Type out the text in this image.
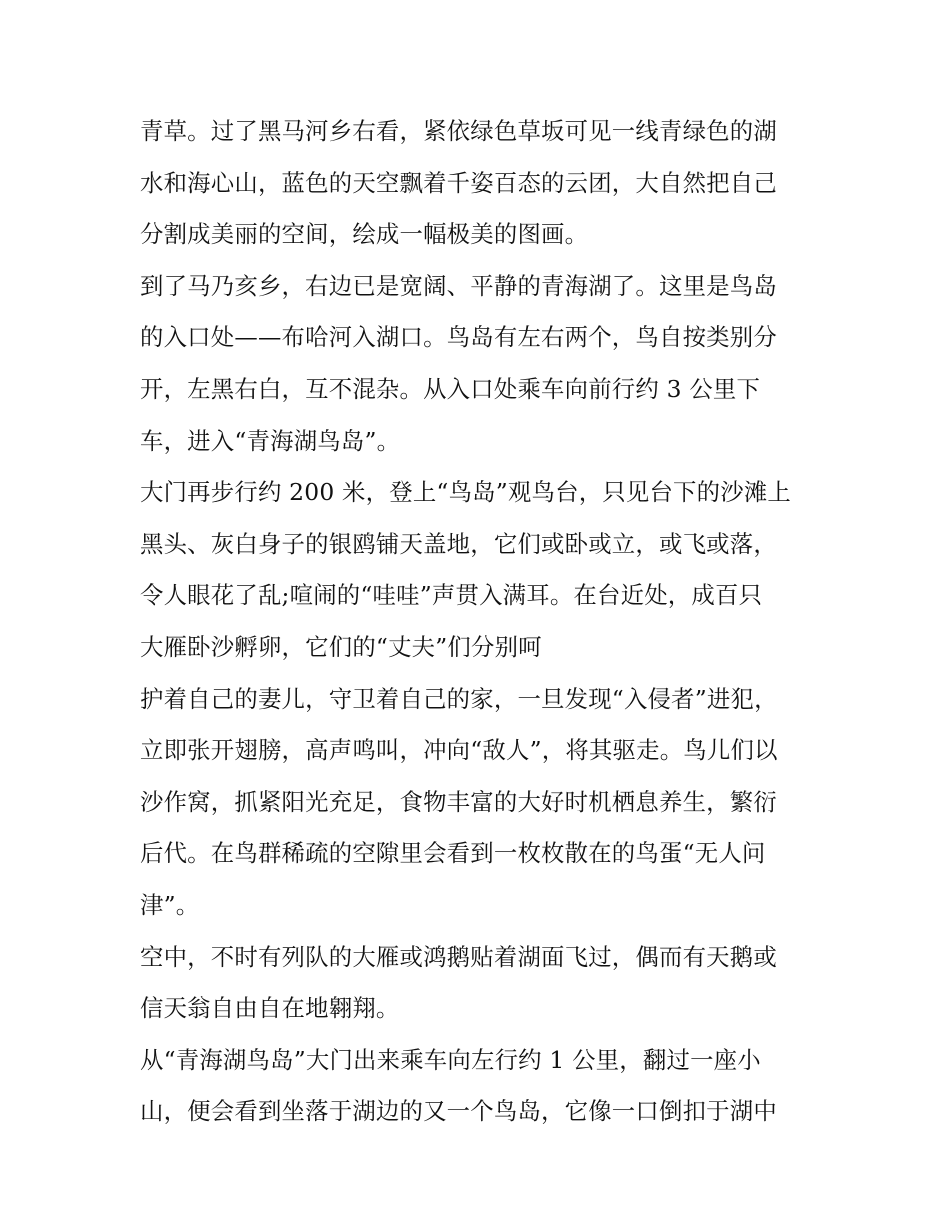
青草。过了黑马河乡右看，紧依绿色草坂可见一线青绿色的湖
水和海心山，蓝色的天空飘着千姿百态的云团，大自然把自己
分割成美丽的空间，绘成一幅极美的图画。
到了马乃亥乡，右边已是宽阔、平静的青海湖了。这里是鸟岛
的入口处——布哈河入湖口。鸟岛有左右两个，鸟自按类别分
开，左黑右白，互不混杂。从入口处乘车向前行约 3 公里下
车，进入“青海湖鸟岛”。
大门再步行约 200 米，登上“鸟岛”观鸟台，只见台下的沙滩上
黑头、灰白身子的银鸥铺天盖地，它们或卧或立，或飞或落，
令人眼花了乱;喧闹的“哇哇”声贯入满耳。在台近处，成百只
大雁卧沙孵卵，它们的“丈夫”们分别呵
护着自己的妻儿，守卫着自己的家，一旦发现“入侵者”进犯，
立即张开翅膀，高声鸣叫，冲向“敌人”，将其驱走。鸟儿们以
沙作窝，抓紧阳光充足，食物丰富的大好时机栖息养生，繁衍
后代。在鸟群稀疏的空隙里会看到一枚枚散在的鸟蛋“无人问
津”。
空中，不时有列队的大雁或鸿鹅贴着湖面飞过，偶而有天鹅或
信天翁自由自在地翱翔。
从“青海湖鸟岛”大门出来乘车向左行约 1 公里，翻过一座小
山，便会看到坐落于湖边的又一个鸟岛，它像一口倒扣于湖中
